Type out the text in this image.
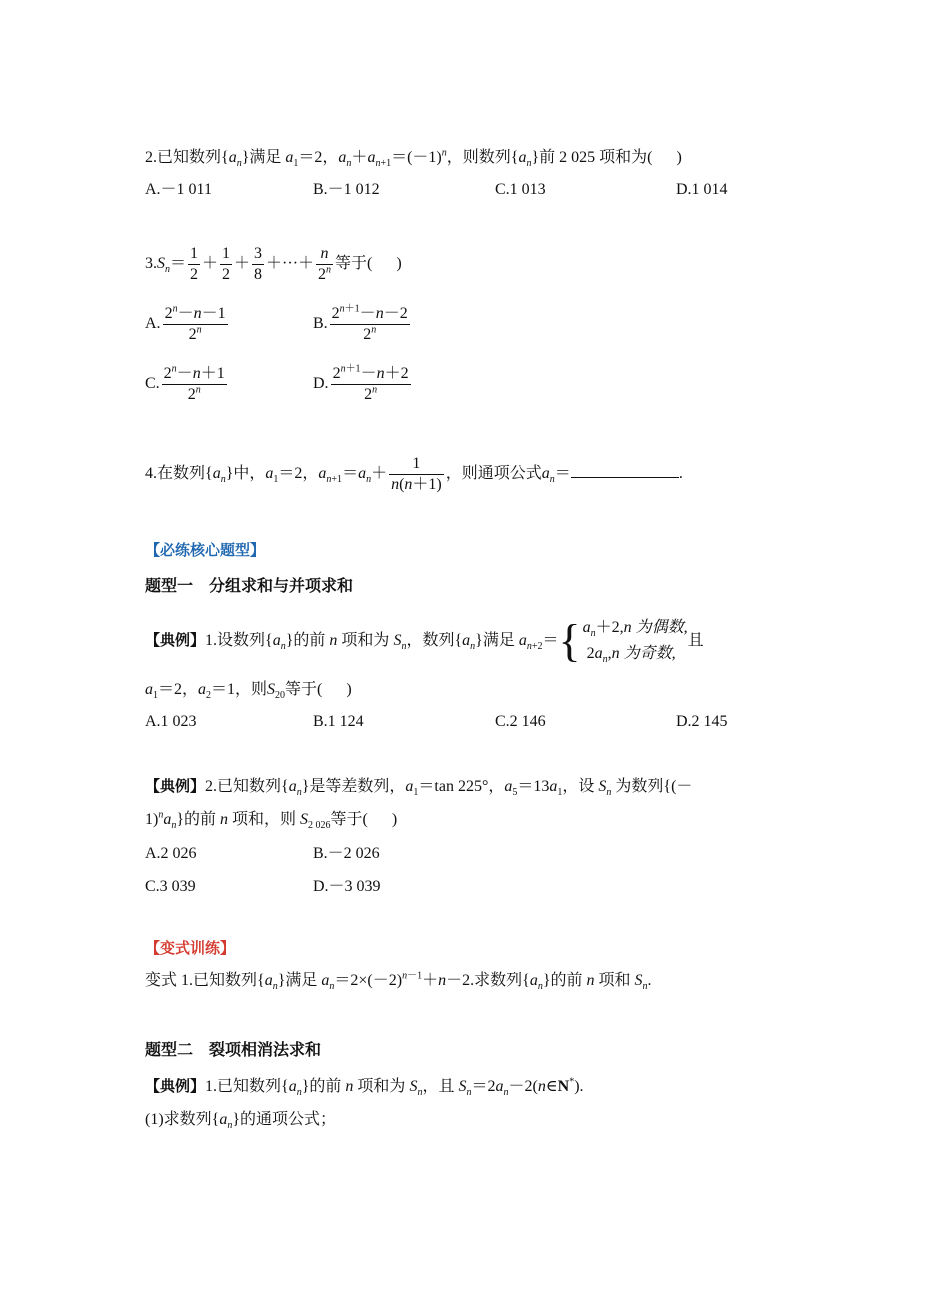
2.已知数列$\{a_n\}$满足 $a_1=2$，$a_n+a_{n+1}=(-1)^n$，则数列$\{a_n\}$前 2 025 项和为(   )
A.－1 011	B.－1 012	C.1 013	D.1 014
$3.S_n= \frac{1}{2} + \frac{1}{2} + \frac{3}{8}$ ＋···＋ $\frac{n}{2^n}$ 等于(   )
A. $\frac{2^n-n-1}{2^n}$	B. $\frac{2^{n+1}-n-2}{2^n}$
C. $\frac{2^n-n+1}{2^n}$	D. $\frac{2^{n+1}-n+2}{2^n}$
4.在数列$\{a_n\}$中，$a_1=2$，$a_{n+1}=a_n+ \frac{1}{n(n+1)}$ ，则通项公式$a_n=$	.
【必练核心题型】
题型一　分组求和与并项求和
【典例】1.设数列$\{a_n\}$的前 n 项和为 $S_n$，数列$\{a_n\}$满足 $a_{n+2}=${ $a_n+2,n$ 为偶数,
$2a_n,n$ 为奇数,
且
$a_1=2$，$a_2=1$，则$S_{20}$等于(   )
A.1 023	B.1 124	C.2 146	D.2 145
【典例】2.已知数列$\{a_n\}$是等差数列，$a_1=\tan$ 225°，$a_5=13a_1$，设 $S_n$ 为数列{(－
$1)^na_n$}的前 n 项和，则 $S_{2 026}$等于(   )
A.2 026	B.－2 026
C.3 039	D.－3 039
【变式训练】
变式 1.已知数列$\{a_n\}$满足 $a_n=2\times(-2)^{n-1}+n-2$.求数列$\{a_n\}$的前 n 项和 $S_n$.
题型二　裂项相消法求和
【典例】1.已知数列$\{a_n\}$的前 n 项和为 $S_n$，且 $S_n=2a_n-2(n\in N^*)$.
(1)求数列$\{a_n\}$的通项公式；
